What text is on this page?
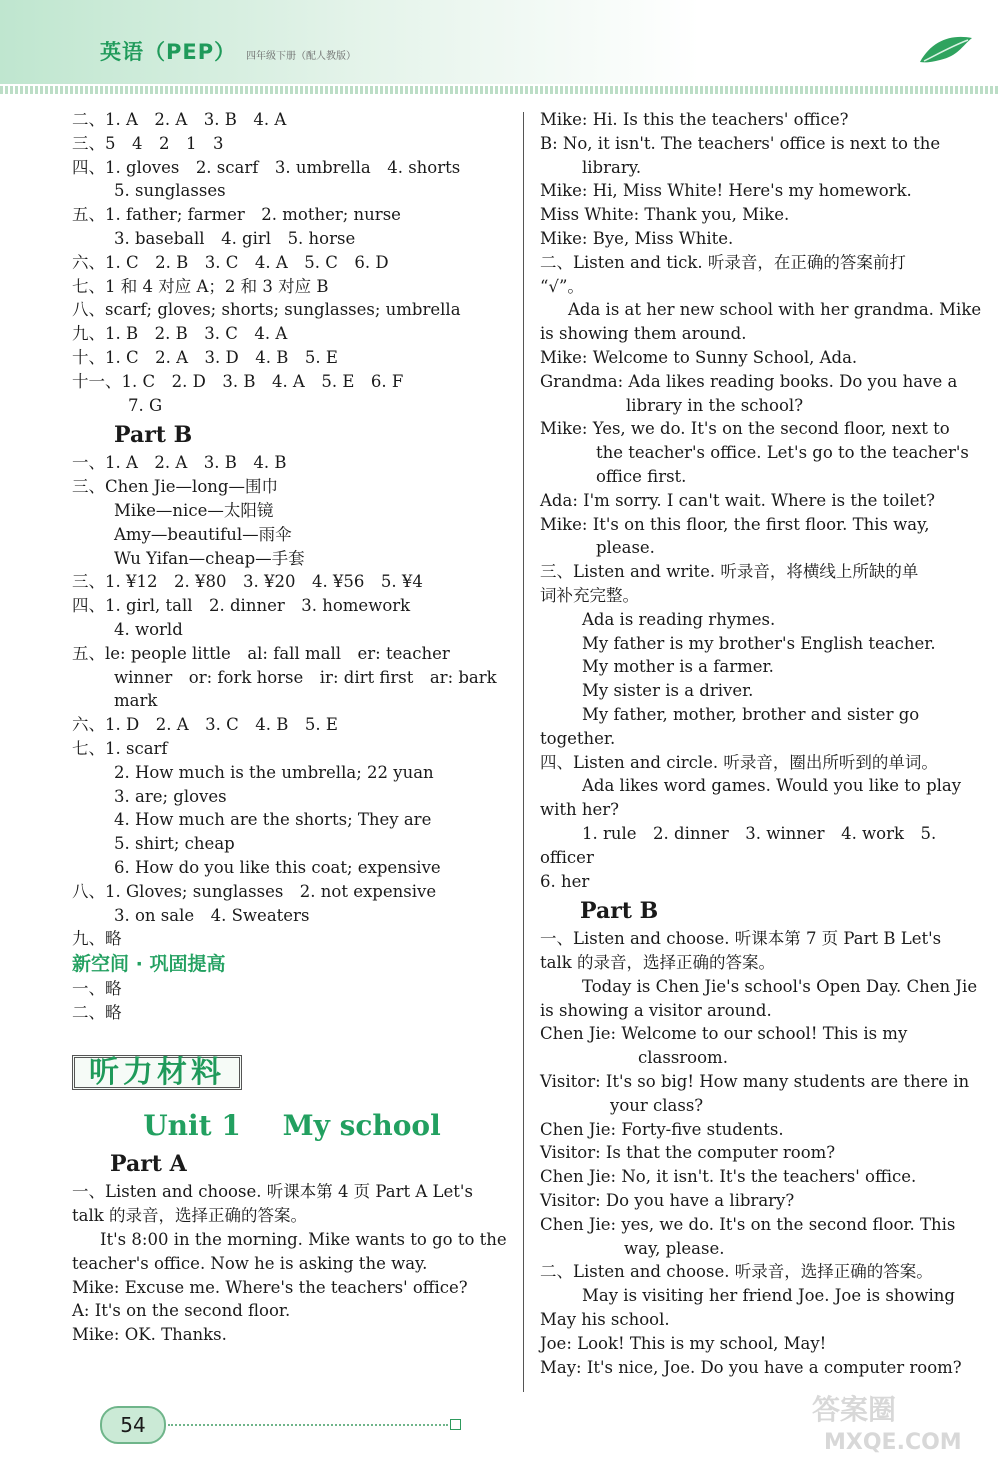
英语（PEP） 四年级下册（配人教版）
二、1. A　2. A　3. B　4. A
三、5　4　2　1　3
四、1. gloves　2. scarf　3. umbrella　4. shorts
5. sunglasses
五、1. father; farmer　2. mother; nurse
3. baseball　4. girl　5. horse
六、1. C　2. B　3. C　4. A　5. C　6. D
七、1 和 4 对应 A；2 和 3 对应 B
八、scarf; gloves; shorts; sunglasses; umbrella
九、1. B　2. B　3. C　4. A
十、1. C　2. A　3. D　4. B　5. E
十一、1. C　2. D　3. B　4. A　5. E　6. F
7. G
Part B
一、1. A　2. A　3. B　4. B
三、Chen Jie—long—围巾
Mike—nice—太阳镜
Amy—beautiful—雨伞
Wu Yifan—cheap—手套
三、1. ¥12　2. ¥80　3. ¥20　4. ¥56　5. ¥4
四、1. girl, tall　2. dinner　3. homework
4. world
五、le: people little　al: fall mall　er: teacher
winner　or: fork horse　ir: dirt first　ar: bark
mark
六、1. D　2. A　3. C　4. B　5. E
七、1. scarf
2. How much is the umbrella; 22 yuan
3. are; gloves
4. How much are the shorts; They are
5. shirt; cheap
6. How do you like this coat; expensive
八、1. Gloves; sunglasses　2. not expensive
3. on sale　4. Sweaters
九、略
新空间 · 巩固提高
一、略
二、略
听力材料
Unit 1 My school
Part A
一、Listen and choose. 听课本第 4 页 Part A Let's
talk 的录音，选择正确的答案。
It's 8:00 in the morning. Mike wants to go to the
teacher's office. Now he is asking the way.
Mike: Excuse me. Where's the teachers' office?
A: It's on the second floor.
Mike: OK. Thanks.
Mike: Hi. Is this the teachers' office?
B: No, it isn't. The teachers' office is next to the
library.
Mike: Hi, Miss White! Here's my homework.
Miss White: Thank you, Mike.
Mike: Bye, Miss White.
二、Listen and tick. 听录音，在正确的答案前打
“√”。
Ada is at her new school with her grandma. Mike
is showing them around.
Mike: Welcome to Sunny School, Ada.
Grandma: Ada likes reading books. Do you have a
library in the school?
Mike: Yes, we do. It's on the second floor, next to
the teacher's office. Let's go to the teacher's
office first.
Ada: I'm sorry. I can't wait. Where is the toilet?
Mike: It's on this floor, the first floor. This way,
please.
三、Listen and write. 听录音，将横线上所缺的单
词补充完整。
Ada is reading rhymes.
My father is my brother's English teacher.
My mother is a farmer.
My sister is a driver.
My father, mother, brother and sister go
together.
四、Listen and circle. 听录音，圈出所听到的单词。
Ada likes word games. Would you like to play
with her?
1. rule　2. dinner　3. winner　4. work　5.
officer
6. her
Part B
一、Listen and choose. 听课本第 7 页 Part B Let's
talk 的录音，选择正确的答案。
Today is Chen Jie's school's Open Day. Chen Jie
is showing a visitor around.
Chen Jie: Welcome to our school! This is my
classroom.
Visitor: It's so big! How many students are there in
your class?
Chen Jie: Forty-five students.
Visitor: Is that the computer room?
Chen Jie: No, it isn't. It's the teachers' office.
Visitor: Do you have a library?
Chen Jie: yes, we do. It's on the second floor. This
way, please.
二、Listen and choose. 听录音，选择正确的答案。
May is visiting her friend Joe. Joe is showing
May his school.
Joe: Look! This is my school, May!
May: It's nice, Joe. Do you have a computer room?
54	答案圈
MXQE.COM
